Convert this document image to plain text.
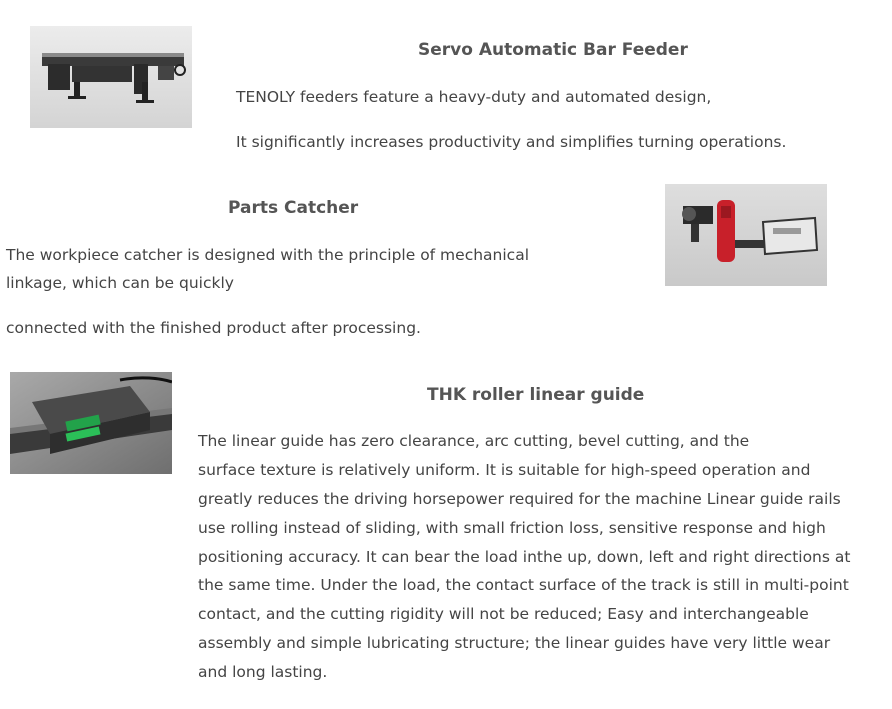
Servo Automatic Bar Feeder
TENOLY feeders feature a heavy-duty and automated design,
It significantly increases productivity and simplifies turning operations.
Parts Catcher
The workpiece catcher is designed with the principle of mechanical
linkage, which can be quickly
connected with the finished product after processing.
THK roller linear guide
The linear guide has zero clearance, arc cutting, bevel cutting, and the
surface texture is relatively uniform. It is suitable for high-speed operation and
greatly reduces the driving horsepower required for the machine Linear guide rails
use rolling instead of sliding, with small friction loss, sensitive response and high
positioning accuracy. It can bear the load inthe up, down, left and right directions at
the same time. Under the load, the contact surface of the track is still in multi-point
contact, and the cutting rigidity will not be reduced; Easy and interchangeable
assembly and simple lubricating structure; the linear guides have very little wear
and long lasting.
